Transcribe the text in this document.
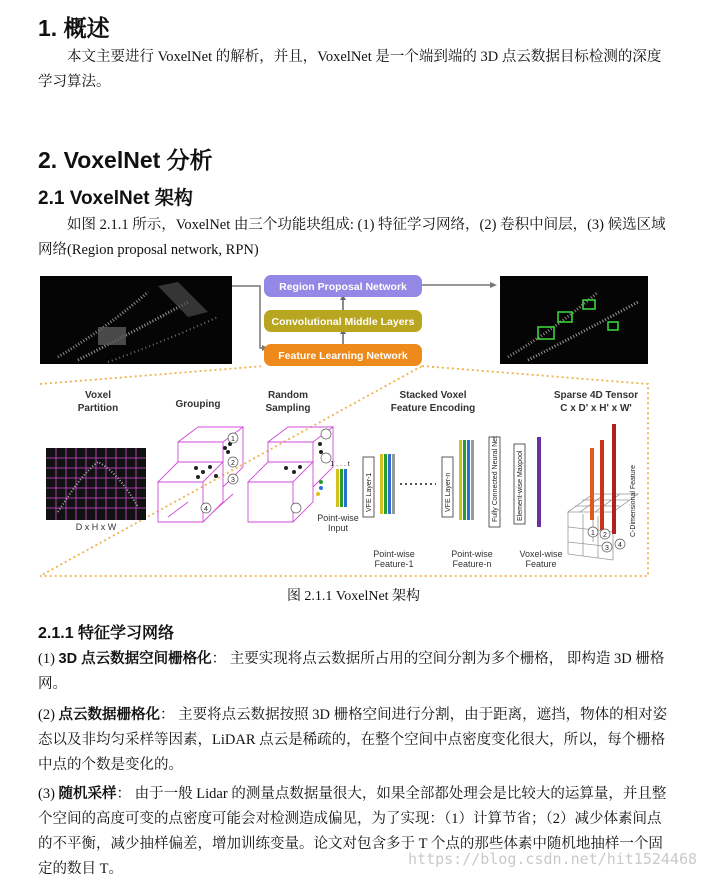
1. 概述

本文主要进行 VoxelNet 的解析，并且，VoxelNet 是一个端到端的 3D 点云数据目标检测的深度学习算法。

2. VoxelNet 分析
2.1 VoxelNet 架构

如图 2.1.1 所示，VoxelNet 由三个功能块组成: (1) 特征学习网络，(2) 卷积中间层，(3) 候选区域网络(Region proposal network, RPN)

Region Proposal Network
Convolutional Middle Layers
Feature Learning Network
Voxel
Partition	Grouping
Random
Sampling
Stacked Voxel
Feature Encoding
Sparse 4D Tensor
C x D' x H' x W'
D x H x W
1
2
3
4
1 . . . t
Point-wise
Input
VFE Layer-1	VFE Layer-n	Fully Connected Neural Net	Element-wise Maxpool
1 2
3 4
C-Dimensional Feature
Point-wise
Feature-1
Point-wise
Feature-n
Voxel-wise
Feature
图 2.1.1 VoxelNet 架构
2.1.1 特征学习网络

(1) 3D 点云数据空间栅格化： 主要实现将点云数据所占用的空间分割为多个栅格， 即构造 3D 栅格网。

(2) 点云数据栅格化： 主要将点云数据按照 3D 栅格空间进行分割，由于距离，遮挡，物体的相对姿态以及非均匀采样等因素，LiDAR 点云是稀疏的，在整个空间中点密度变化很大，所以，每个栅格中点的个数是变化的。

(3) 随机采样： 由于一般 Lidar 的测量点数据量很大，如果全部都处理会是比较大的运算量，并且整个空间的高度可变的点密度可能会对检测造成偏见，为了实现：（1）计算节省；（2）减少体素间点的不平衡，减少抽样偏差，增加训练变量。论文对包含多于 T 个点的那些体素中随机地抽样一个固定的数目 T。

https://blog.csdn.net/hit1524468
